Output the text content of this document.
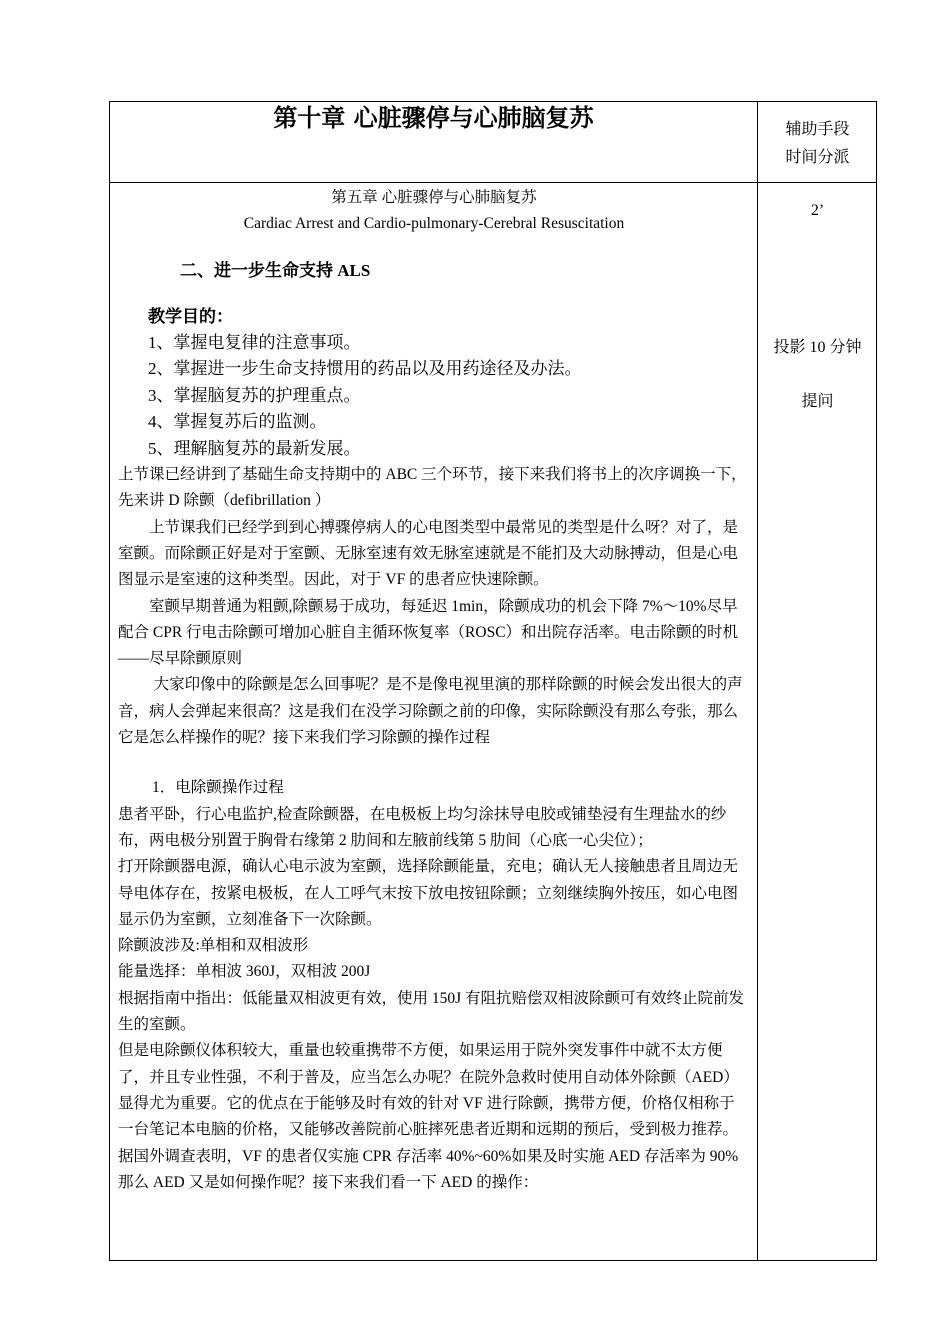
第十章 心脏骤停与心肺脑复苏	辅助手段
时间分派
2’
投影 10 分钟
提问

第五章 心脏骤停与心肺脑复苏

Cardiac Arrest and Cardio-pulmonary-Cerebral Resuscitation

二、进一步生命支持 ALS

教学目的：

1、掌握电复律的注意事项。

2、掌握进一步生命支持惯用的药品以及用药途径及办法。

3、掌握脑复苏的护理重点。

4、掌握复苏后的监测。

5、理解脑复苏的最新发展。

上节课已经讲到了基础生命支持期中的 ABC 三个环节，接下来我们将书上的次序调换一下，先来讲 D 除颤（defibrillation ）

上节课我们已经学到到心搏骤停病人的心电图类型中最常见的类型是什么呀？对了，是室颤。而除颤正好是对于室颤、无脉室速有效无脉室速就是不能扪及大动脉搏动，但是心电图显示是室速的这种类型。因此，对于 VF 的患者应快速除颤。

室颤早期普通为粗颤,除颤易于成功，每延迟 1min，除颤成功的机会下降 7%～10%尽早配合 CPR 行电击除颤可增加心脏自主循环恢复率（ROSC）和出院存活率。电击除颤的时机——尽早除颤原则

大家印像中的除颤是怎么回事呢？是不是像电视里演的那样除颤的时候会发出很大的声音，病人会弹起来很高？这是我们在没学习除颤之前的印像，实际除颤没有那么夸张，那么它是怎么样操作的呢？接下来我们学习除颤的操作过程

1．电除颤操作过程

患者平卧，行心电监护,检查除颤器，在电极板上均匀涂抹导电胶或铺垫浸有生理盐水的纱布，两电极分别置于胸骨右缘第 2 肋间和左腋前线第 5 肋间（心底一心尖位）；

打开除颤器电源，确认心电示波为室颤，选择除颤能量，充电；确认无人接触患者且周边无导电体存在，按紧电极板，在人工呼气末按下放电按钮除颤；立刻继续胸外按压，如心电图显示仍为室颤，立刻准备下一次除颤。

除颤波涉及:单相和双相波形

能量选择：单相波 360J，双相波 200J

根据指南中指出：低能量双相波更有效，使用 150J 有阻抗赔偿双相波除颤可有效终止院前发生的室颤。

但是电除颤仪体积较大，重量也较重携带不方便，如果运用于院外突发事件中就不太方便了，并且专业性强，不利于普及，应当怎么办呢？在院外急救时使用自动体外除颤（AED）显得尤为重要。它的优点在于能够及时有效的针对 VF 进行除颤，携带方便，价格仅相称于一台笔记本电脑的价格，又能够改善院前心脏摔死患者近期和远期的预后，受到极力推荐。据国外调查表明，VF 的患者仅实施 CPR 存活率 40%~60%如果及时实施 AED 存活率为 90% 那么 AED 又是如何操作呢？接下来我们看一下 AED 的操作：
